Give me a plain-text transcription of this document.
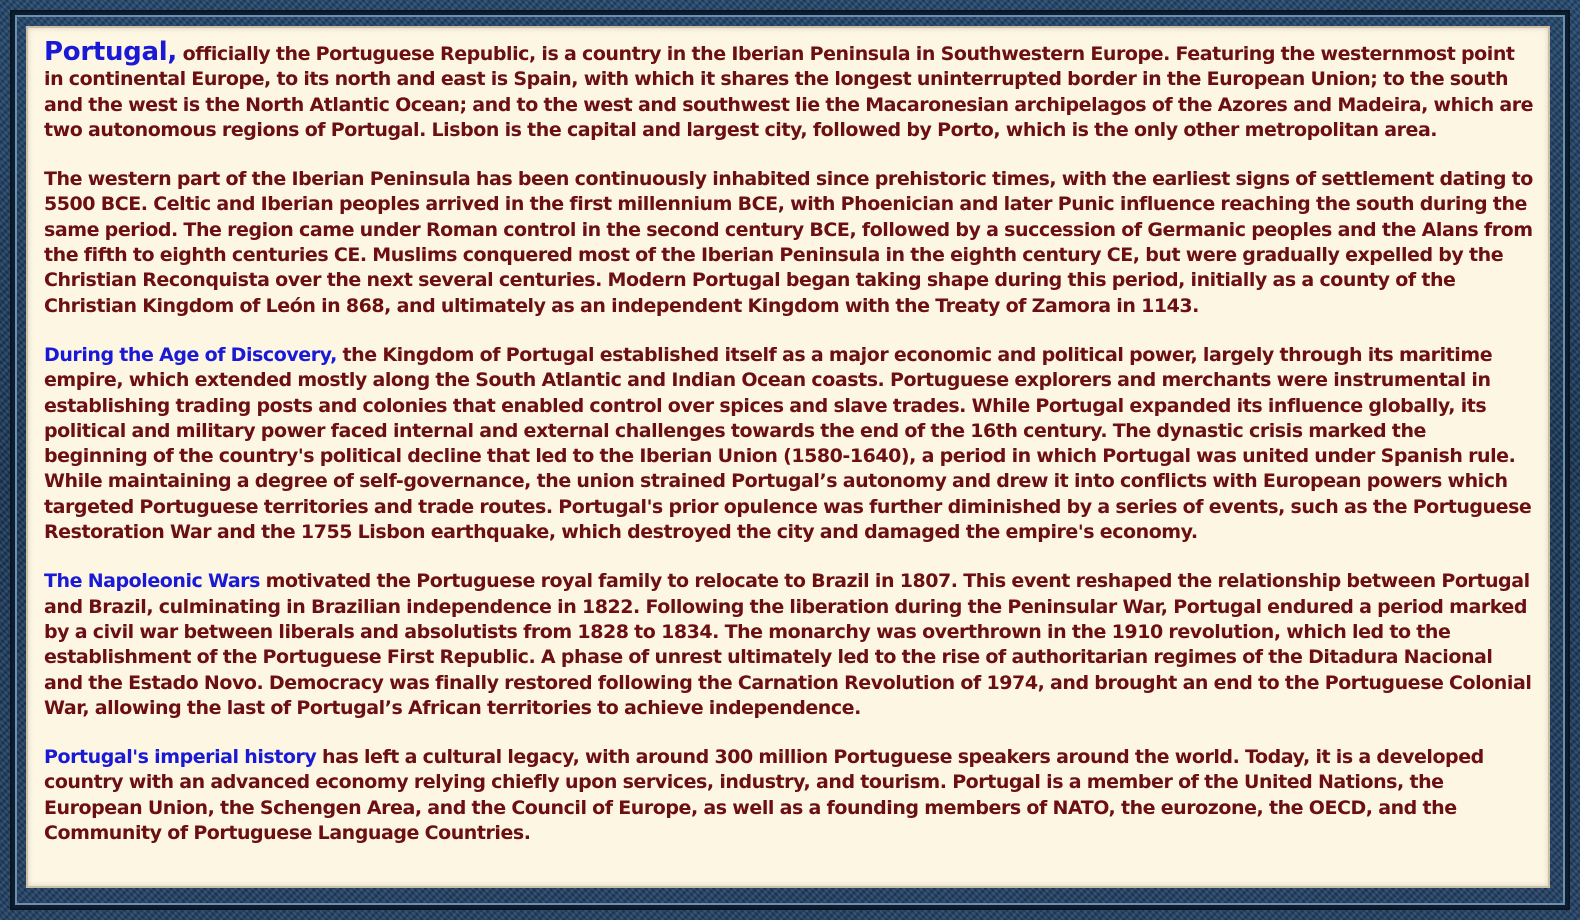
Portugal, officially the Portuguese Republic, is a country in the Iberian Peninsula in Southwestern Europe. Featuring the westernmost point in continental Europe, to its north and east is Spain, with which it shares the longest uninterrupted border in the European Union; to the south and the west is the North Atlantic Ocean; and to the west and southwest lie the Macaronesian archipelagos of the Azores and Madeira, which are two autonomous regions of Portugal. Lisbon is the capital and largest city, followed by Porto, which is the only other metropolitan area.

The western part of the Iberian Peninsula has been continuously inhabited since prehistoric times, with the earliest signs of settlement dating to 5500 BCE. Celtic and Iberian peoples arrived in the first millennium BCE, with Phoenician and later Punic influence reaching the south during the same period. The region came under Roman control in the second century BCE, followed by a succession of Germanic peoples and the Alans from the fifth to eighth centuries CE. Muslims conquered most of the Iberian Peninsula in the eighth century CE, but were gradually expelled by the Christian Reconquista over the next several centuries. Modern Portugal began taking shape during this period, initially as a county of the Christian Kingdom of León in 868, and ultimately as an independent Kingdom with the Treaty of Zamora in 1143.

During the Age of Discovery, the Kingdom of Portugal established itself as a major economic and political power, largely through its maritime empire, which extended mostly along the South Atlantic and Indian Ocean coasts. Portuguese explorers and merchants were instrumental in establishing trading posts and colonies that enabled control over spices and slave trades. While Portugal expanded its influence globally, its political and military power faced internal and external challenges towards the end of the 16th century. The dynastic crisis marked the beginning of the country's political decline that led to the Iberian Union (1580-1640), a period in which Portugal was united under Spanish rule. While maintaining a degree of self-governance, the union strained Portugal’s autonomy and drew it into conflicts with European powers which targeted Portuguese territories and trade routes. Portugal's prior opulence was further diminished by a series of events, such as the Portuguese Restoration War and the 1755 Lisbon earthquake, which destroyed the city and damaged the empire's economy.

The Napoleonic Wars motivated the Portuguese royal family to relocate to Brazil in 1807. This event reshaped the relationship between Portugal and Brazil, culminating in Brazilian independence in 1822. Following the liberation during the Peninsular War, Portugal endured a period marked by a civil war between liberals and absolutists from 1828 to 1834. The monarchy was overthrown in the 1910 revolution, which led to the establishment of the Portuguese First Republic. A phase of unrest ultimately led to the rise of authoritarian regimes of the Ditadura Nacional and the Estado Novo. Democracy was finally restored following the Carnation Revolution of 1974, and brought an end to the Portuguese Colonial War, allowing the last of Portugal’s African territories to achieve independence.

Portugal's imperial history has left a cultural legacy, with around 300 million Portuguese speakers around the world. Today, it is a developed country with an advanced economy relying chiefly upon services, industry, and tourism. Portugal is a member of the United Nations, the European Union, the Schengen Area, and the Council of Europe, as well as a founding members of NATO, the eurozone, the OECD, and the Community of Portuguese Language Countries.
